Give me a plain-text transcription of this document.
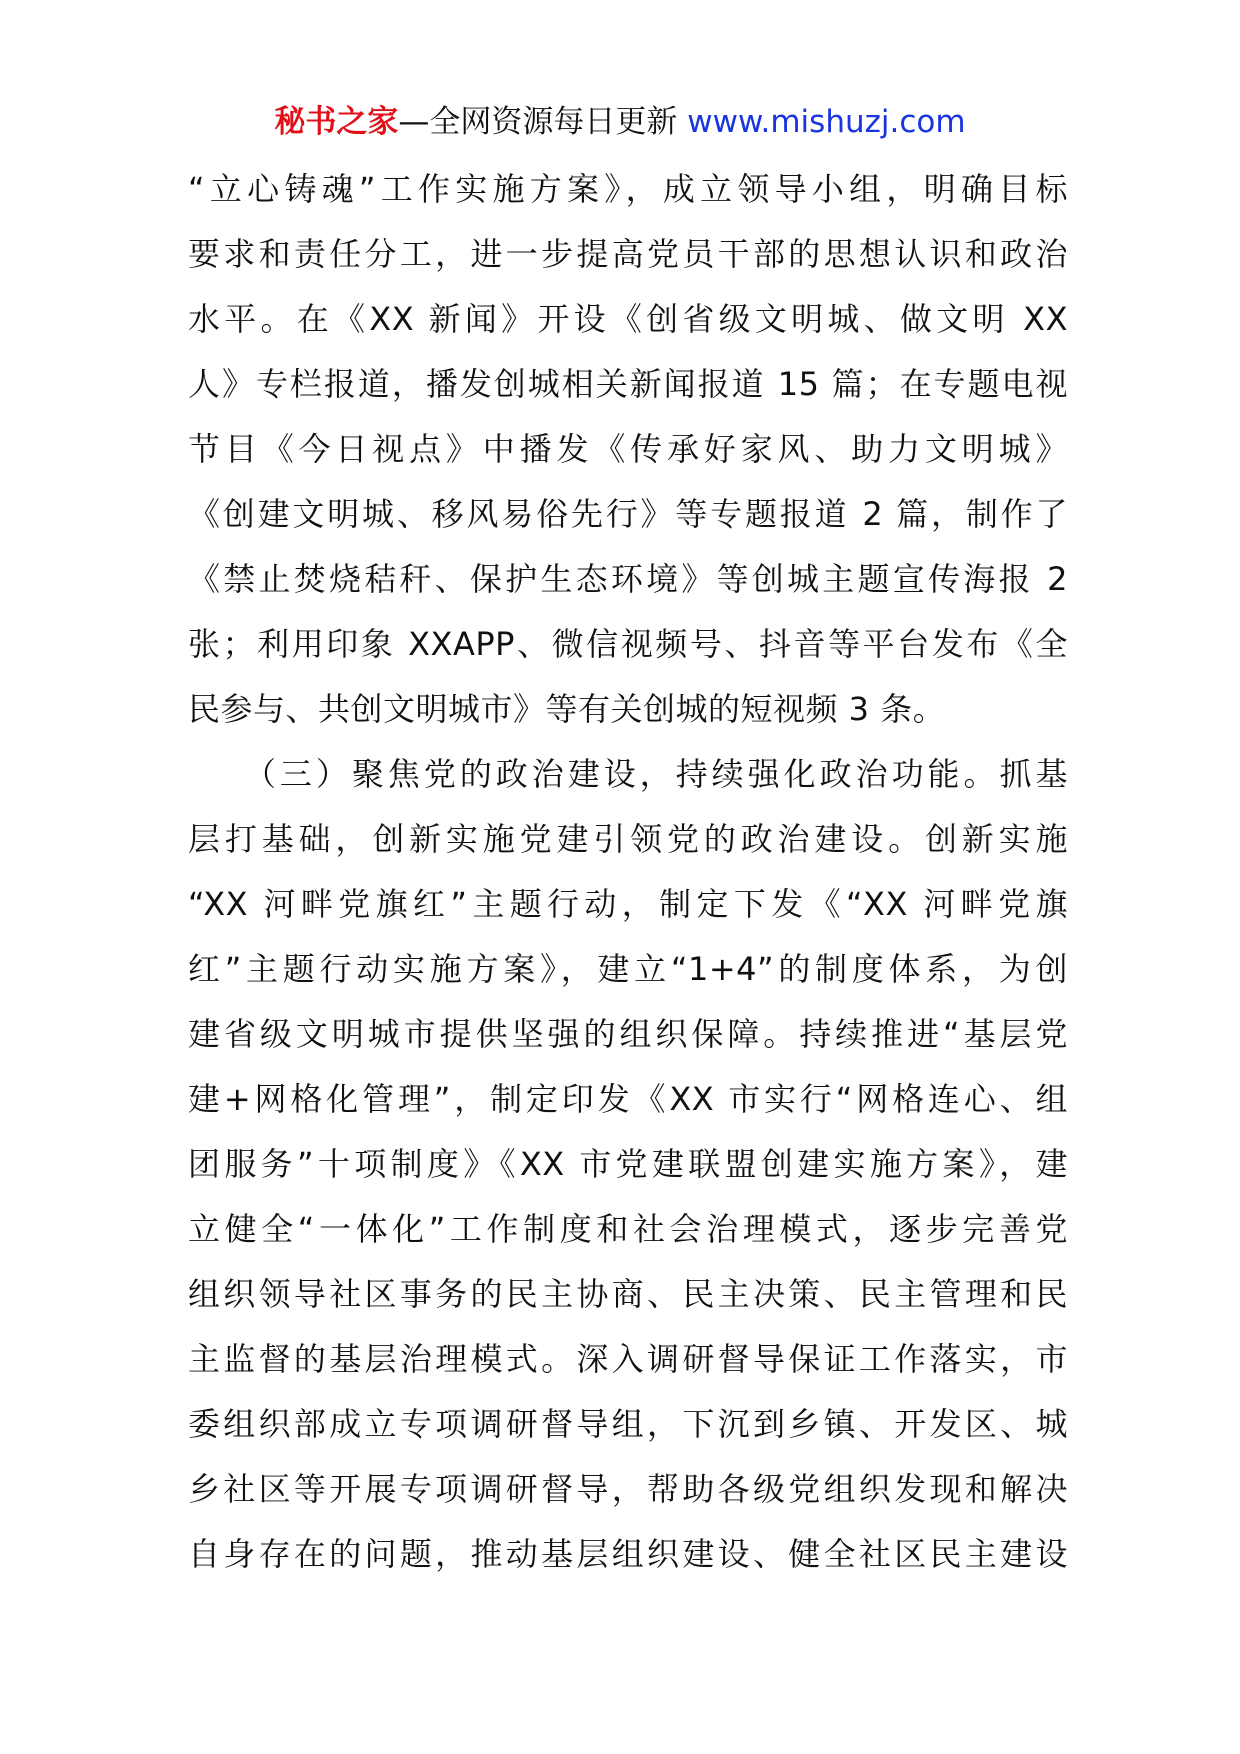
秘书之家—全网资源每日更新 www.mishuzj.com
“立心铸魂”工作实施方案》，成立领导小组，明确目标
要求和责任分工，进一步提高党员干部的思想认识和政治
水平。在《XX 新闻》开设《创省级文明城、做文明 XX
人》专栏报道，播发创城相关新闻报道 15 篇；在专题电视
节目《今日视点》中播发《传承好家风、助力文明城》
《创建文明城、移风易俗先行》等专题报道 2 篇，制作了
《禁止焚烧秸秆、保护生态环境》等创城主题宣传海报 2
张；利用印象 XXAPP、微信视频号、抖音等平台发布《全
民参与、共创文明城市》等有关创城的短视频 3 条。
　　（三）聚焦党的政治建设，持续强化政治功能。抓基
层打基础，创新实施党建引领党的政治建设。创新实施
“XX 河畔党旗红”主题行动，制定下发《“XX 河畔党旗
红”主题行动实施方案》，建立“1+4”的制度体系，为创
建省级文明城市提供坚强的组织保障。持续推进“基层党
建+网格化管理”，制定印发《XX 市实行“网格连心、组
团服务”十项制度》《XX 市党建联盟创建实施方案》，建
立健全“一体化”工作制度和社会治理模式，逐步完善党
组织领导社区事务的民主协商、民主决策、民主管理和民
主监督的基层治理模式。深入调研督导保证工作落实，市
委组织部成立专项调研督导组，下沉到乡镇、开发区、城
乡社区等开展专项调研督导，帮助各级党组织发现和解决
自身存在的问题，推动基层组织建设、健全社区民主建设
